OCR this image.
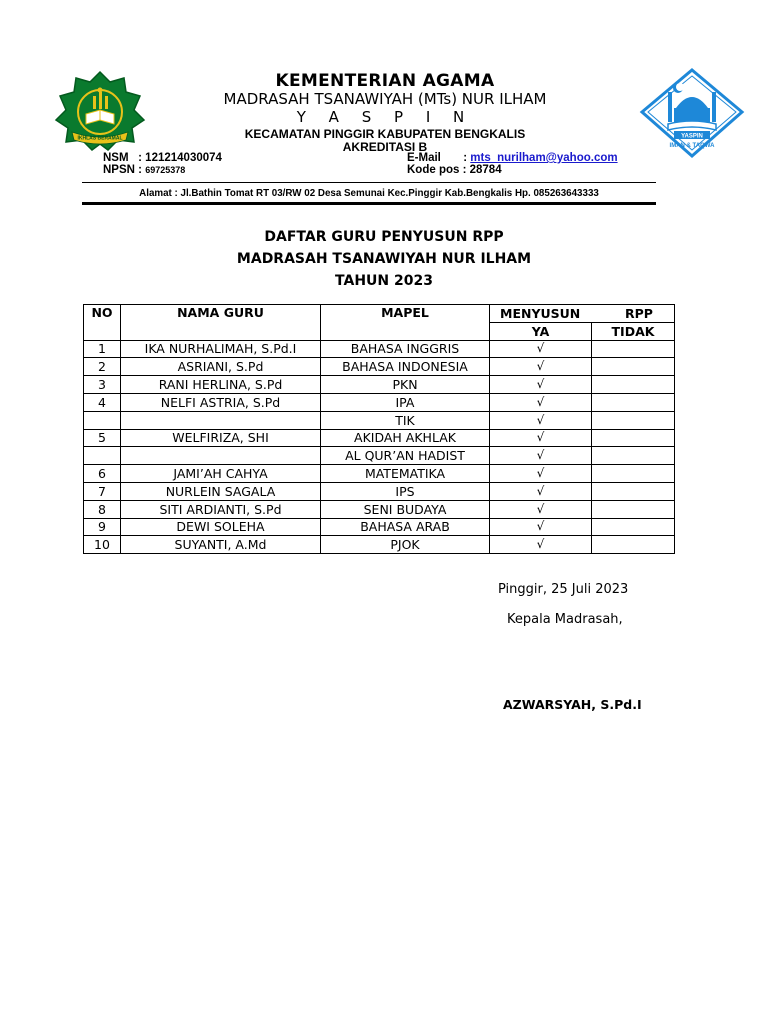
IKHLAS BERAMAL	YASPIN
IMAN & TAQWA
KEMENTERIAN AGAMA
MADRASAH TSANAWIYAH (MTs) NUR ILHAM
Y A S P I N
KECAMATAN PINGGIR KABUPATEN BENGKALIS
AKREDITASI B
NSM : 121214030074
NPSN : 69725378
E-Mail       : mts_nurilham@yahoo.com
Kode pos : 28784
Alamat : Jl.Bathin Tomat RT 03/RW 02 Desa Semunai Kec.Pinggir Kab.Bengkalis Hp. 085263643333
DAFTAR GURU PENYUSUN RPP
MADRASAH TSANAWIYAH NUR ILHAM
TAHUN 2023
NO	NAMA GURU	MAPEL	MENYUSUN RPP	

			YA	TIDAK
1	IKA NURHALIMAH, S.Pd.I	BAHASA INGGRIS	√	
2	ASRIANI, S.Pd	BAHASA INDONESIA	√	
3	RANI HERLINA, S.Pd	PKN	√	
4	NELFI ASTRIA, S.Pd	IPA	√	
		TIK	√	
5	WELFIRIZA, SHI	AKIDAH AKHLAK	√	
		AL QUR’AN HADIST	√	
6	JAMI’AH CAHYA	MATEMATIKA	√	
7	NURLEIN SAGALA	IPS	√	
8	SITI ARDIANTI, S.Pd	SENI BUDAYA	√	
9	DEWI SOLEHA	BAHASA ARAB	√	
10	SUYANTI, A.Md	PJOK	√	
Pinggir, 25 Juli 2023
Kepala Madrasah,
AZWARSYAH, S.Pd.I
